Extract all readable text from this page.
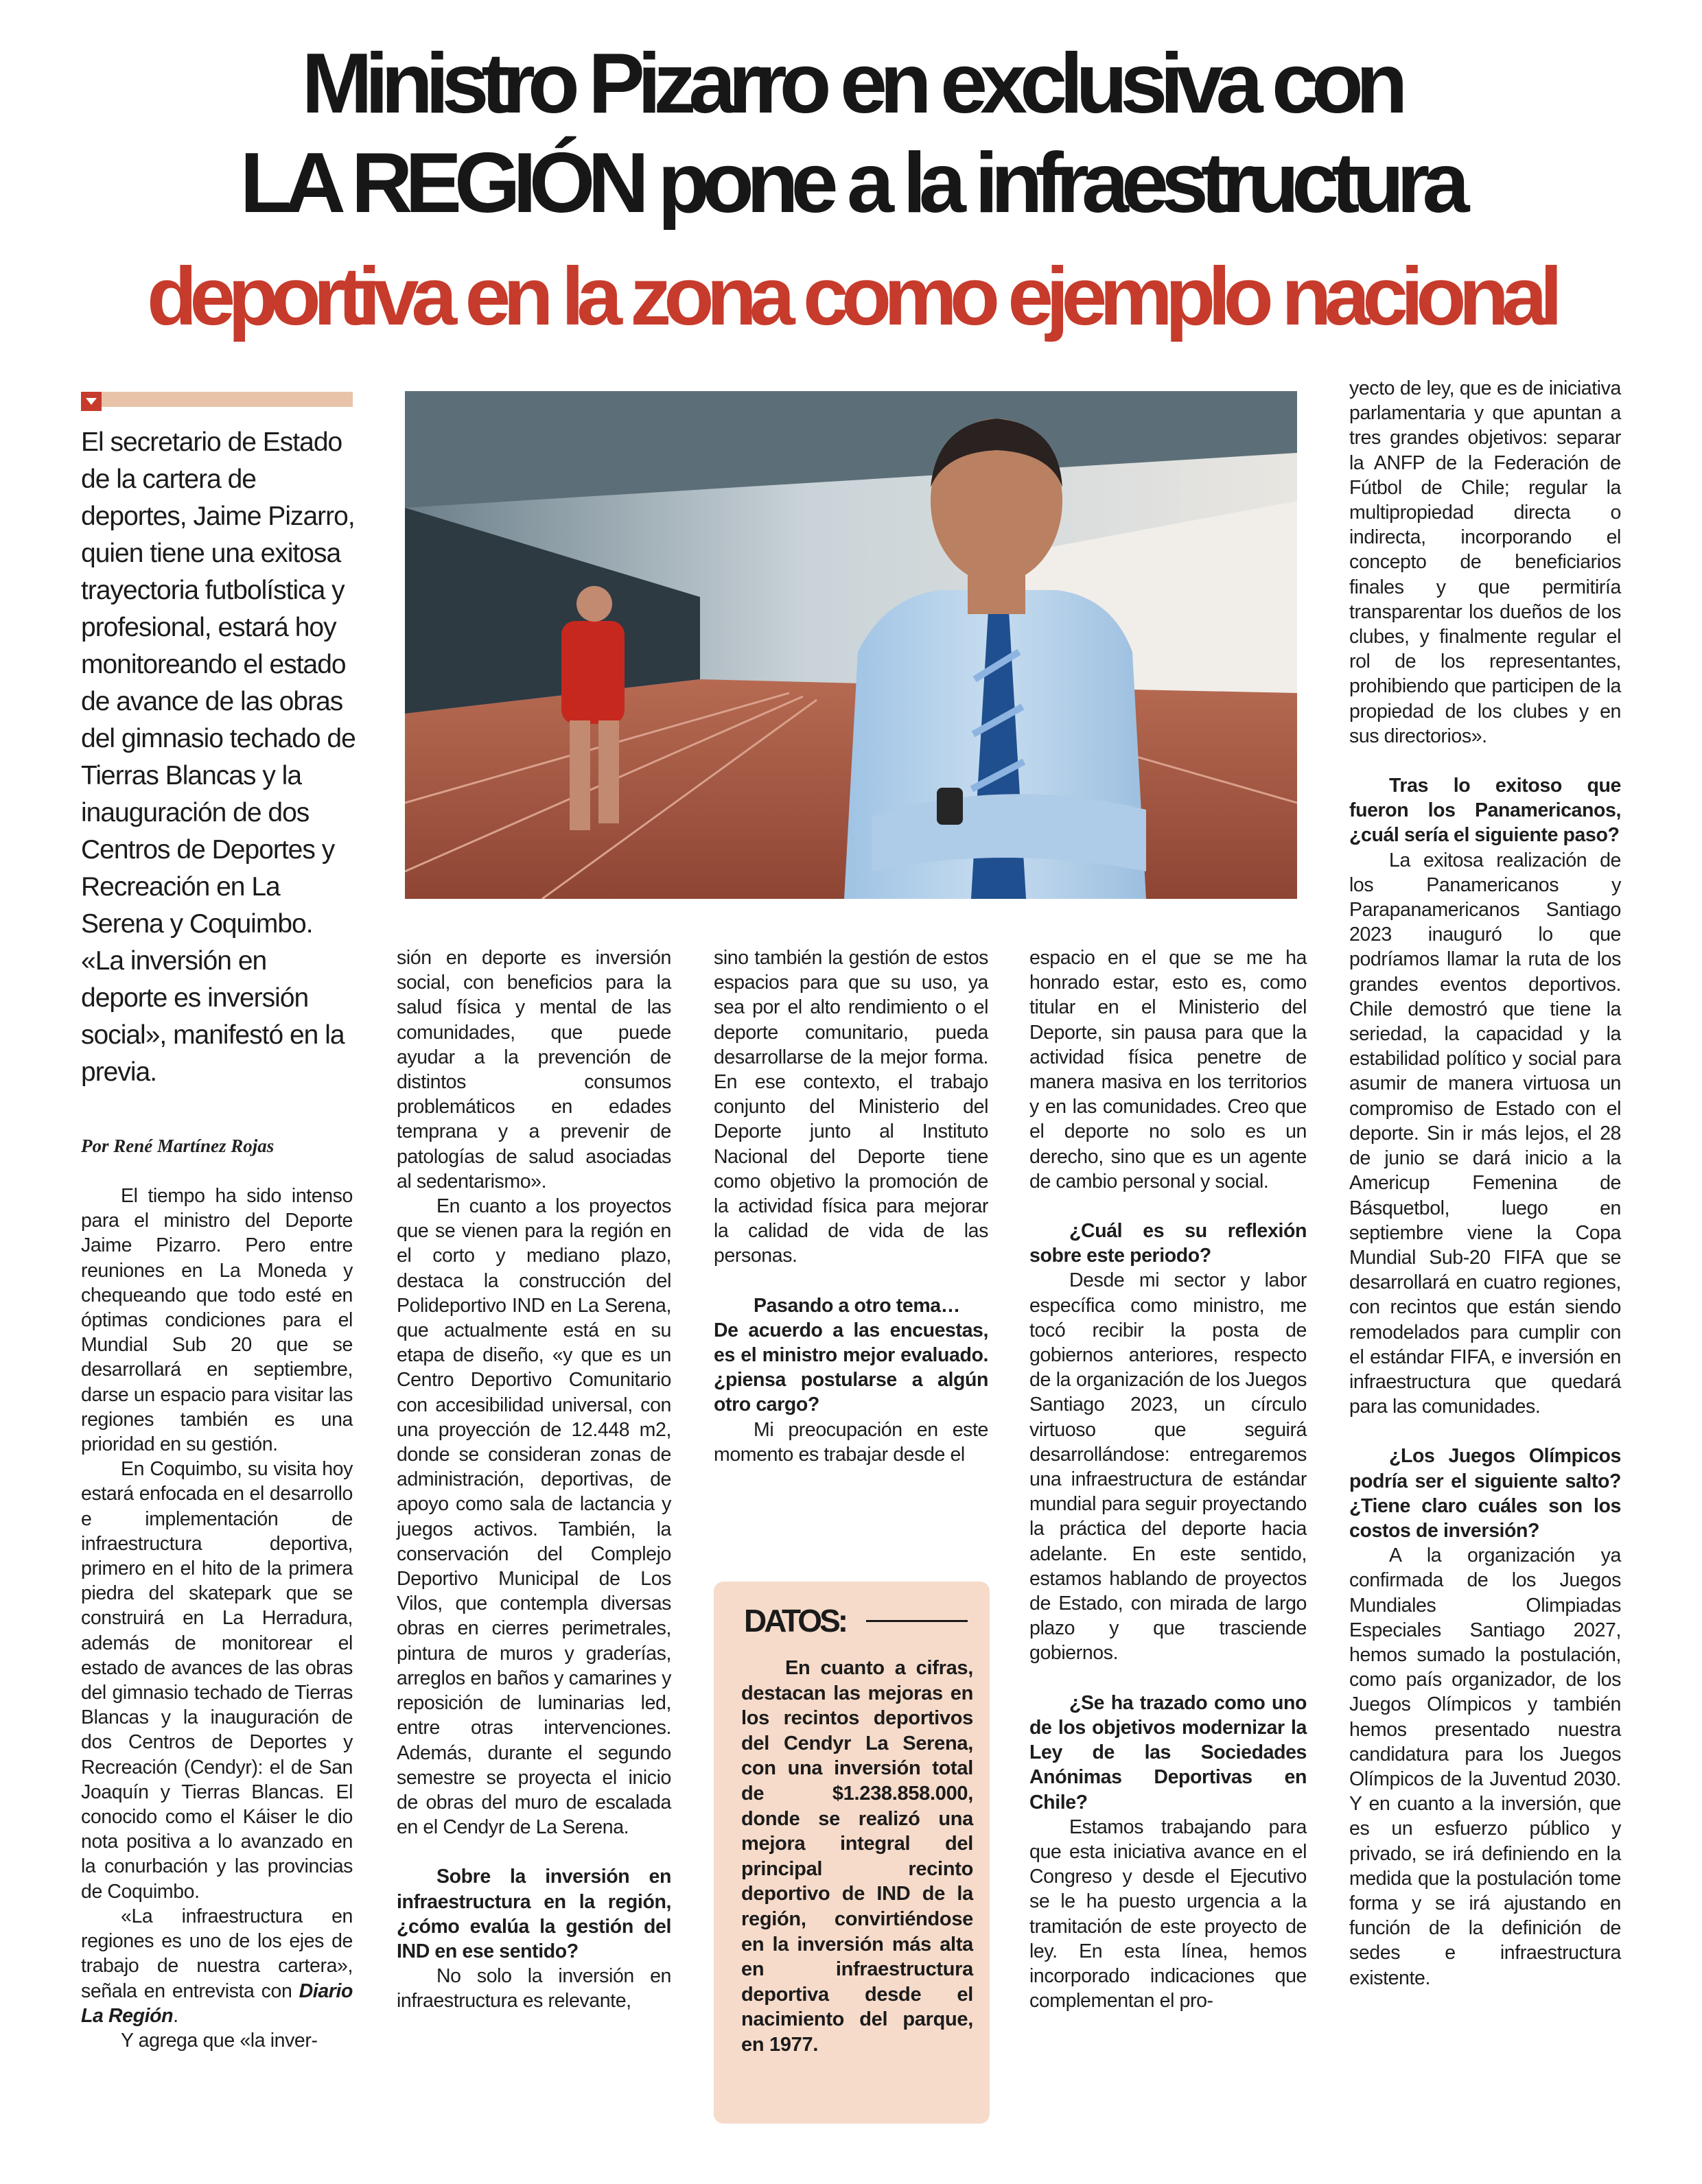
Ministro Pizarro en exclusiva con
LA REGIÓN pone a la infraestructura
deportiva en la zona como ejemplo nacional
El secretario de Estado de la cartera de deportes, Jaime Pizarro, quien tiene una exitosa trayectoria futbolística y profesional, estará hoy monitoreando el estado de avance de las obras del gimnasio techado de Tierras Blancas y la inauguración de dos Centros de Deportes y Recreación en La Serena y Coquimbo. «La inversión en deporte es inversión social», manifestó en la previa.
Por René Martínez Rojas

El tiempo ha sido intenso para el ministro del Deporte Jaime Pizarro. Pero entre reuniones en La Moneda y chequeando que todo esté en óptimas condiciones para el Mundial Sub 20 que se desarrollará en septiembre, darse un espacio para visitar las regiones también es una prioridad en su gestión.

En Coquimbo, su visita hoy estará enfocada en el desarrollo e implementación de infraestructura deportiva, primero en el hito de la primera piedra del skatepark que se construirá en La Herradura, además de monitorear el estado de avances de las obras del gimnasio techado de Tierras Blancas y la inauguración de dos Centros de Deportes y Recreación (Cendyr): el de San Joaquín y Tierras Blancas. El conocido como el Káiser le dio nota positiva a lo avanzado en la conurbación y las provincias de Coquimbo.

«La infraestructura en regiones es uno de los ejes de trabajo de nuestra cartera», señala en entrevista con Diario La Región.

Y agrega que «la inver-

sión en deporte es inversión social, con beneficios para la salud física y mental de las comunidades, que puede ayudar a la prevención de distintos consumos problemáticos en edades temprana y a prevenir de patologías de salud asociadas al sedentarismo».

En cuanto a los proyectos que se vienen para la región en el corto y mediano plazo, destaca la construcción del Polideportivo IND en La Serena, que actualmente está en su etapa de diseño, «y que es un Centro Deportivo Comunitario con accesibilidad universal, con una proyección de 12.448 m2, donde se consideran zonas de administración, deportivas, de apoyo como sala de lactancia y juegos activos. También, la conservación del Complejo Deportivo Municipal de Los Vilos, que contempla diversas obras en cierres perimetrales, pintura de muros y graderías, arreglos en baños y camarines y reposición de luminarias led, entre otras intervenciones. Además, durante el segundo semestre se proyecta el inicio de obras del muro de escalada en el Cendyr de La Serena.

Sobre la inversión en infraestructura en la región, ¿cómo evalúa la gestión del IND en ese sentido?

No solo la inversión en infraestructura es relevante,

sino también la gestión de estos espacios para que su uso, ya sea por el alto rendimiento o el deporte comunitario, pueda desarrollarse de la mejor forma. En ese contexto, el trabajo conjunto del Ministerio del Deporte junto al Instituto Nacional del Deporte tiene como objetivo la promoción de la actividad física para mejorar la calidad de vida de las personas.

Pasando a otro tema…

De acuerdo a las encuestas, es el ministro mejor evaluado. ¿piensa postularse a algún otro cargo?

Mi preocupación en este momento es trabajar desde el

DATOS:
En cuanto a cifras, destacan las mejoras en los recintos deportivos del Cendyr La Serena, con una inversión total de $1.238.858.000, donde se realizó una mejora integral del principal recinto deportivo de IND de la región, convirtiéndose en la inversión más alta en infraestructura deportiva desde el nacimiento del parque, en 1977.

espacio en el que se me ha honrado estar, esto es, como titular en el Ministerio del Deporte, sin pausa para que la actividad física penetre de manera masiva en los territorios y en las comunidades. Creo que el deporte no solo es un derecho, sino que es un agente de cambio personal y social.

¿Cuál es su reflexión sobre este periodo?

Desde mi sector y labor específica como ministro, me tocó recibir la posta de gobiernos anteriores, respecto de la organización de los Juegos Santiago 2023, un círculo virtuoso que seguirá desarrollándose: entregaremos una infraestructura de estándar mundial para seguir proyectando la práctica del deporte hacia adelante. En este sentido, estamos hablando de proyectos de Estado, con mirada de largo plazo y que trasciende gobiernos.

¿Se ha trazado como uno de los objetivos modernizar la Ley de las Sociedades Anónimas Deportivas en Chile?

Estamos trabajando para que esta iniciativa avance en el Congreso y desde el Ejecutivo se le ha puesto urgencia a la tramitación de este proyecto de ley. En esta línea, hemos incorporado indicaciones que complementan el pro-

yecto de ley, que es de iniciativa parlamentaria y que apuntan a tres grandes objetivos: separar la ANFP de la Federación de Fútbol de Chile; regular la multipropiedad directa o indirecta, incorporando el concepto de beneficiarios finales y que permitiría transparentar los dueños de los clubes, y finalmente regular el rol de los representantes, prohibiendo que participen de la propiedad de los clubes y en sus directorios».

Tras lo exitoso que fueron los Panamericanos, ¿cuál sería el siguiente paso?

La exitosa realización de los Panamericanos y Parapanamericanos Santiago 2023 inauguró lo que podríamos llamar la ruta de los grandes eventos deportivos. Chile demostró que tiene la seriedad, la capacidad y la estabilidad político y social para asumir de manera virtuosa un compromiso de Estado con el deporte. Sin ir más lejos, el 28 de junio se dará inicio a la Americup Femenina de Básquetbol, luego en septiembre viene la Copa Mundial Sub-20 FIFA que se desarrollará en cuatro regiones, con recintos que están siendo remodelados para cumplir con el estándar FIFA, e inversión en infraestructura que quedará para las comunidades.

¿Los Juegos Olímpicos podría ser el siguiente salto? ¿Tiene claro cuáles son los costos de inversión?

A la organización ya confirmada de los Juegos Mundiales Olimpiadas Especiales Santiago 2027, hemos sumado la postulación, como país organizador, de los Juegos Olímpicos y también hemos presentado nuestra candidatura para los Juegos Olímpicos de la Juventud 2030. Y en cuanto a la inversión, que es un esfuerzo público y privado, se irá definiendo en la medida que la postulación tome forma y se irá ajustando en función de la definición de sedes e infraestructura existente.
